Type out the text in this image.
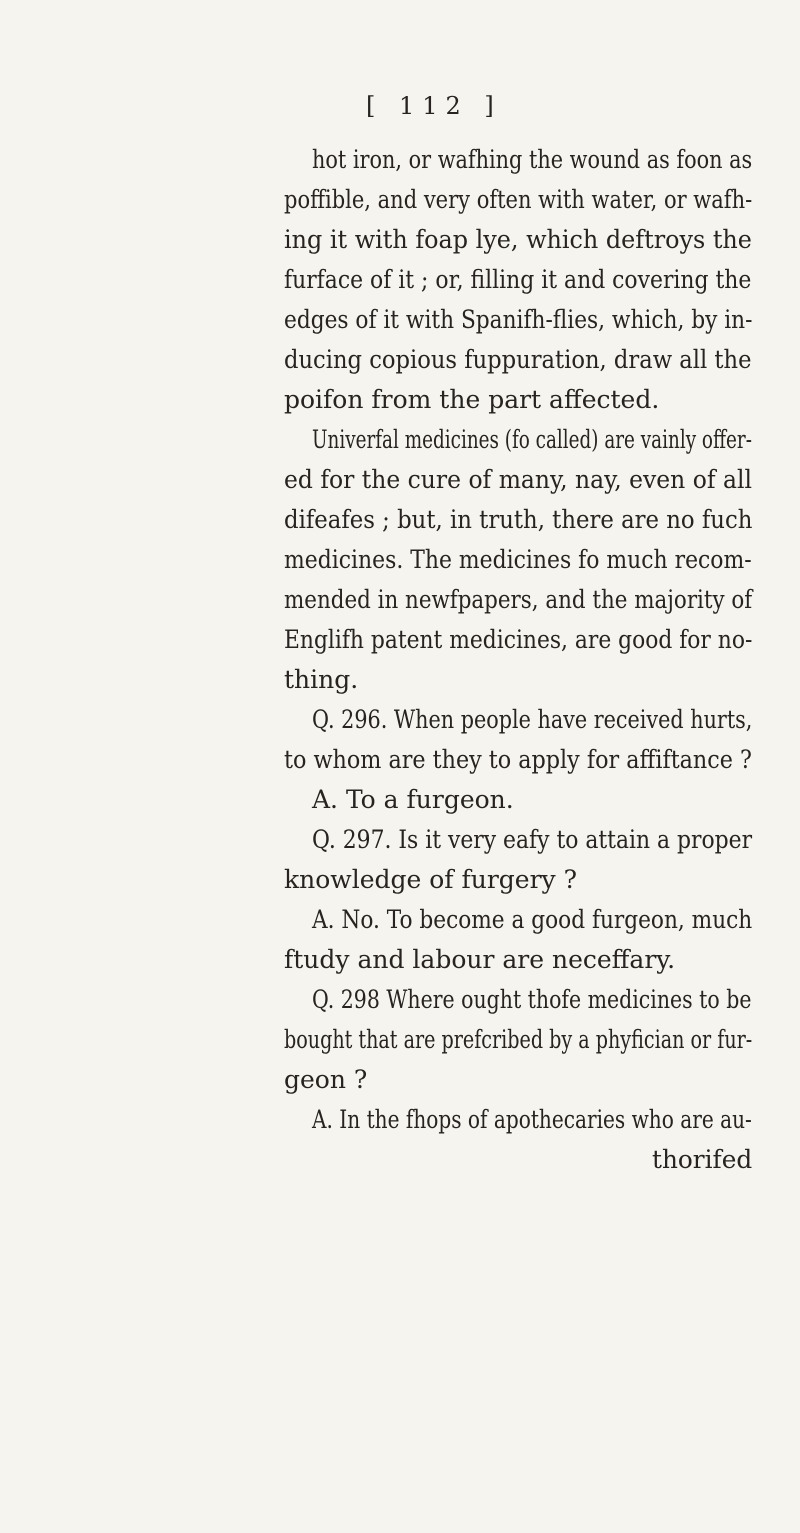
[ 112 ]
hot iron, or wafhing the wound as foon as
poffible, and very often with water, or wafh-
ing it with foap lye, which deftroys the
furface of it ; or, filling it and covering the
edges of it with Spanifh-flies, which, by in-
ducing copious fuppuration, draw all the
poifon from the part affected.
Univerfal medicines (fo called) are vainly offer-
ed for the cure of many, nay, even of all
difeafes ; but, in truth, there are no fuch
medicines. The medicines fo much recom-
mended in newfpapers, and the majority of
Englifh patent medicines, are good for no-
thing.
Q. 296. When people have received hurts,
to whom are they to apply for affiftance ?
A. To a furgeon.
Q. 297. Is it very eafy to attain a proper
knowledge of furgery ?
A. No. To become a good furgeon, much
ftudy and labour are neceffary.
Q. 298 Where ought thofe medicines to be
bought that are prefcribed by a phyfician or fur-
geon ?
A. In the fhops of apothecaries who are au-
thorifed
